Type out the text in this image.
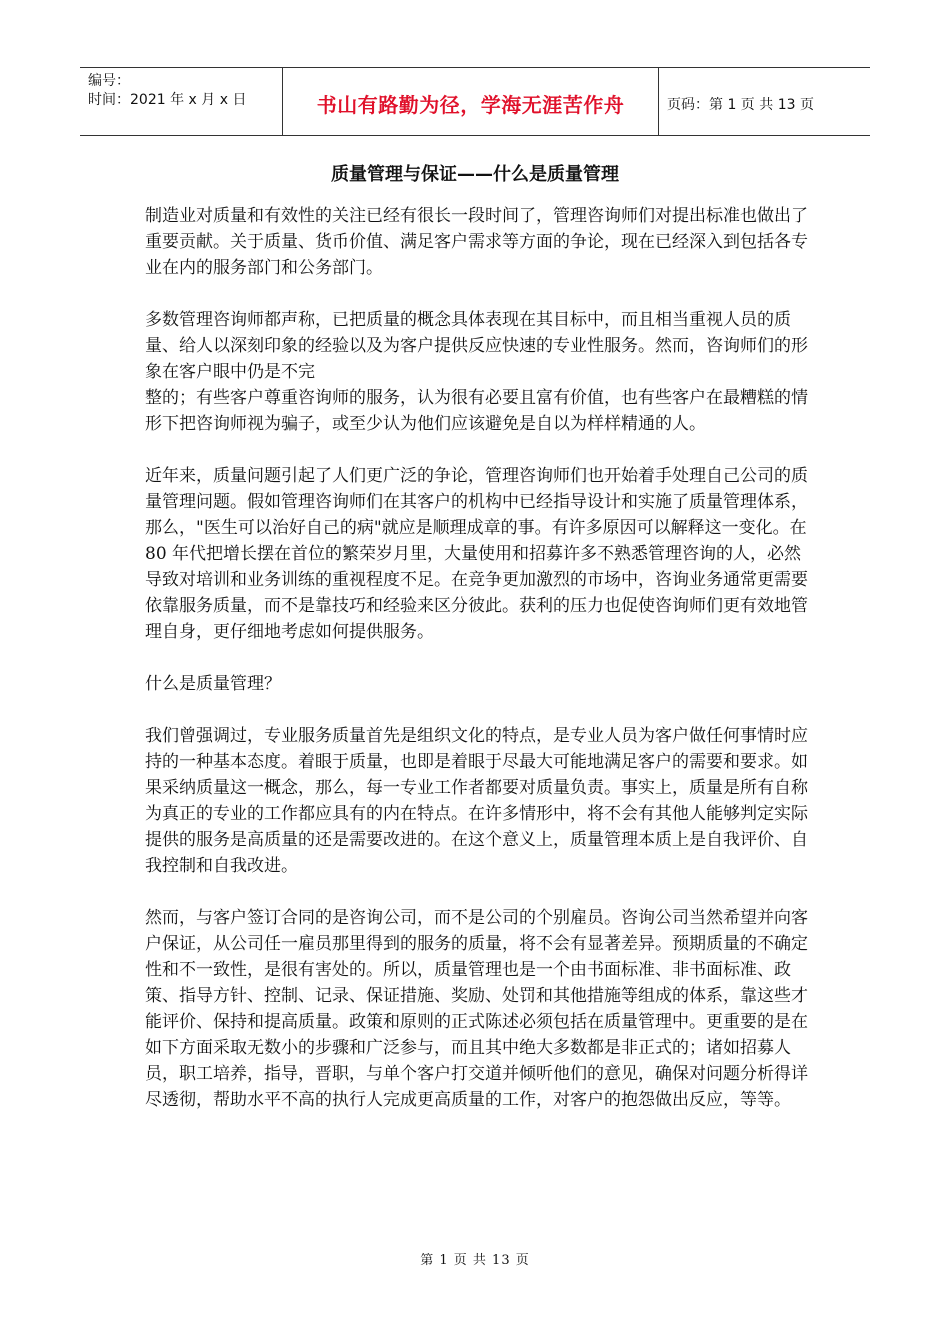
编号：
时间：2021 年 x 月 x 日	书山有路勤为径，学海无涯苦作舟	页码：第 1 页 共 13 页
质量管理与保证——什么是质量管理

制造业对质量和有效性的关注已经有很长一段时间了，管理咨询师们对提出标准也做出了重要贡献。关于质量、货币价值、满足客户需求等方面的争论，现在已经深入到包括各专业在内的服务部门和公务部门。

多数管理咨询师都声称，已把质量的概念具体表现在其目标中，而且相当重视人员的质量、给人以深刻印象的经验以及为客户提供反应快速的专业性服务。然而，咨询师们的形象在客户眼中仍是不完

整的；有些客户尊重咨询师的服务，认为很有必要且富有价值，也有些客户在最糟糕的情形下把咨询师视为骗子，或至少认为他们应该避免是自以为样样精通的人。

近年来，质量问题引起了人们更广泛的争论，管理咨询师们也开始着手处理自己公司的质量管理问题。假如管理咨询师们在其客户的机构中已经指导设计和实施了质量管理体系，那么，"医生可以治好自己的病"就应是顺理成章的事。有许多原因可以解释这一变化。在 80 年代把增长摆在首位的繁荣岁月里，大量使用和招募许多不熟悉管理咨询的人，必然导致对培训和业务训练的重视程度不足。在竞争更加激烈的市场中，咨询业务通常更需要依靠服务质量，而不是靠技巧和经验来区分彼此。获利的压力也促使咨询师们更有效地管理自身，更仔细地考虑如何提供服务。

什么是质量管理？

我们曾强调过，专业服务质量首先是组织文化的特点，是专业人员为客户做任何事情时应持的一种基本态度。着眼于质量，也即是着眼于尽最大可能地满足客户的需要和要求。如果采纳质量这一概念，那么，每一专业工作者都要对质量负责。事实上，质量是所有自称为真正的专业的工作都应具有的内在特点。在许多情形中，将不会有其他人能够判定实际提供的服务是高质量的还是需要改进的。在这个意义上，质量管理本质上是自我评价、自我控制和自我改进。

然而，与客户签订合同的是咨询公司，而不是公司的个别雇员。咨询公司当然希望并向客户保证，从公司任一雇员那里得到的服务的质量，将不会有显著差异。预期质量的不确定性和不一致性，是很有害处的。所以，质量管理也是一个由书面标准、非书面标准、政策、指导方针、控制、记录、保证措施、奖励、处罚和其他措施等组成的体系，靠这些才能评价、保持和提高质量。政策和原则的正式陈述必须包括在质量管理中。更重要的是在如下方面采取无数小的步骤和广泛参与，而且其中绝大多数都是非正式的；诸如招募人员，职工培养，指导，晋职，与单个客户打交道并倾听他们的意见，确保对问题分析得详尽透彻，帮助水平不高的执行人完成更高质量的工作，对客户的抱怨做出反应，等等。

第 1 页 共 13 页
